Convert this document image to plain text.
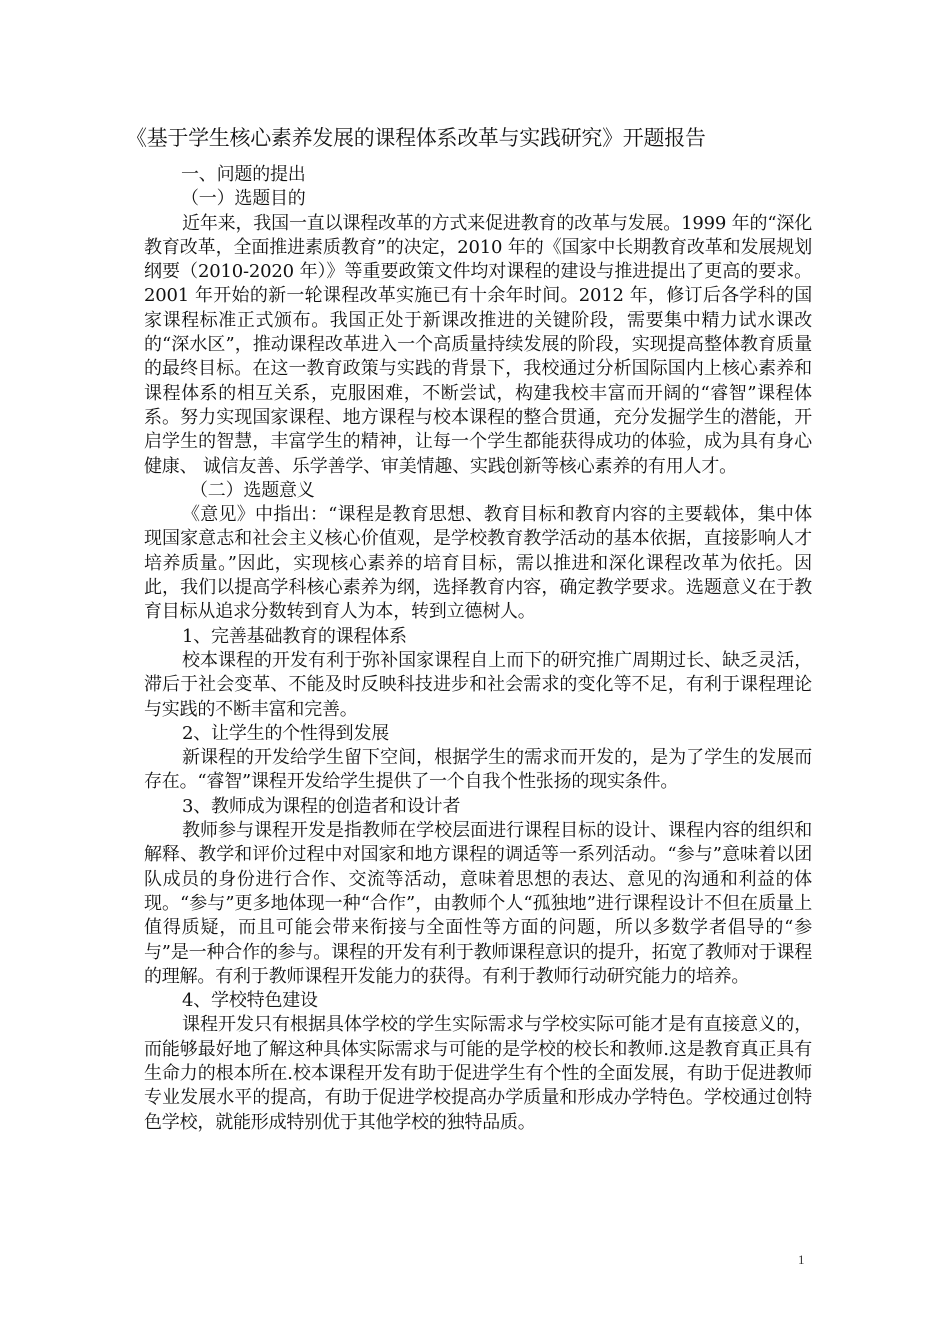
《基于学生核心素养发展的课程体系改革与实践研究》开题报告

一、问题的提出

（一）选题目的

近年来，我国一直以课程改革的方式来促进教育的改革与发展。1999 年的“深化教育改革，全面推进素质教育”的决定，2010 年的《国家中长期教育改革和发展规划纲要（2010-2020 年）》等重要政策文件均对课程的建设与推进提出了更高的要求。2001 年开始的新一轮课程改革实施已有十余年时间。2012 年，修订后各学科的国家课程标准正式颁布。我国正处于新课改推进的关键阶段，需要集中精力试水课改的“深水区”，推动课程改革进入一个高质量持续发展的阶段，实现提高整体教育质量的最终目标。在这一教育政策与实践的背景下，我校通过分析国际国内上核心素养和课程体系的相互关系，克服困难，不断尝试，构建我校丰富而开阔的“睿智”课程体系。努力实现国家课程、地方课程与校本课程的整合贯通，充分发掘学生的潜能，开启学生的智慧，丰富学生的精神，让每一个学生都能获得成功的体验，成为具有身心健康、 诚信友善、乐学善学、审美情趣、实践创新等核心素养的有用人才。

（二）选题意义

《意见》中指出：“课程是教育思想、教育目标和教育内容的主要载体，集中体现国家意志和社会主义核心价值观，是学校教育教学活动的基本依据，直接影响人才培养质量。”因此，实现核心素养的培育目标，需以推进和深化课程改革为依托。因此，我们以提高学科核心素养为纲，选择教育内容，确定教学要求。选题意义在于教育目标从追求分数转到育人为本，转到立德树人。

1、完善基础教育的课程体系

校本课程的开发有利于弥补国家课程自上而下的研究推广周期过长、缺乏灵活，滞后于社会变革、不能及时反映科技进步和社会需求的变化等不足，有利于课程理论与实践的不断丰富和完善。

2、让学生的个性得到发展

新课程的开发给学生留下空间，根据学生的需求而开发的，是为了学生的发展而存在。“睿智”课程开发给学生提供了一个自我个性张扬的现实条件。

3、教师成为课程的创造者和设计者

教师参与课程开发是指教师在学校层面进行课程目标的设计、课程内容的组织和解释、教学和评价过程中对国家和地方课程的调适等一系列活动。“参与”意味着以团队成员的身份进行合作、交流等活动，意味着思想的表达、意见的沟通和利益的体现。“参与”更多地体现一种“合作”，由教师个人“孤独地”进行课程设计不但在质量上值得质疑，而且可能会带来衔接与全面性等方面的问题，所以多数学者倡导的“参与”是一种合作的参与。课程的开发有利于教师课程意识的提升，拓宽了教师对于课程的理解。有利于教师课程开发能力的获得。有利于教师行动研究能力的培养。

4、学校特色建设

课程开发只有根据具体学校的学生实际需求与学校实际可能才是有直接意义的，而能够最好地了解这种具体实际需求与可能的是学校的校长和教师.这是教育真正具有生命力的根本所在.校本课程开发有助于促进学生有个性的全面发展，有助于促进教师专业发展水平的提高，有助于促进学校提高办学质量和形成办学特色。学校通过创特色学校，就能形成特别优于其他学校的独特品质。

1
